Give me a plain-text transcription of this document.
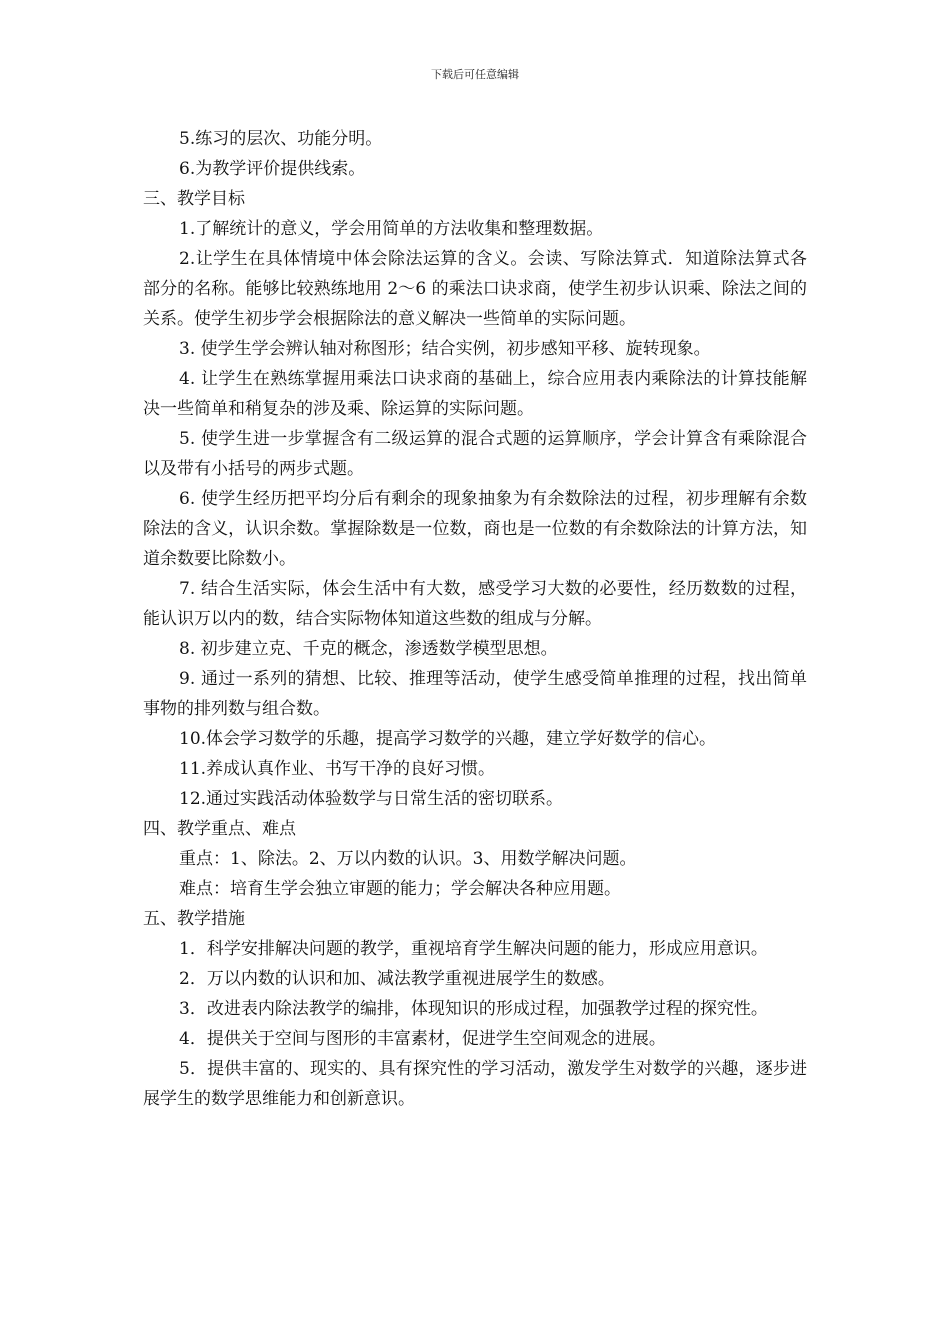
下载后可任意编辑

5.练习的层次、功能分明。

6.为教学评价提供线索。

三、教学目标

1.了解统计的意义，学会用简单的方法收集和整理数据。

2.让学生在具体情境中体会除法运算的含义。会读、写除法算式．知道除法算式各部分的名称。能够比较熟练地用 2～6 的乘法口诀求商，使学生初步认识乘、除法之间的关系。使学生初步学会根据除法的意义解决一些简单的实际问题。

3. 使学生学会辨认轴对称图形；结合实例，初步感知平移、旋转现象。

4. 让学生在熟练掌握用乘法口诀求商的基础上，综合应用表内乘除法的计算技能解决一些简单和稍复杂的涉及乘、除运算的实际问题。

5. 使学生进一步掌握含有二级运算的混合式题的运算顺序，学会计算含有乘除混合以及带有小括号的两步式题。

6. 使学生经历把平均分后有剩余的现象抽象为有余数除法的过程，初步理解有余数除法的含义，认识余数。掌握除数是一位数，商也是一位数的有余数除法的计算方法，知道余数要比除数小。

7. 结合生活实际，体会生活中有大数，感受学习大数的必要性，经历数数的过程，能认识万以内的数，结合实际物体知道这些数的组成与分解。

8. 初步建立克、千克的概念，渗透数学模型思想。

9. 通过一系列的猜想、比较、推理等活动，使学生感受简单推理的过程，找出简单事物的排列数与组合数。

10.体会学习数学的乐趣，提高学习数学的兴趣，建立学好数学的信心。

11.养成认真作业、书写干净的良好习惯。

12.通过实践活动体验数学与日常生活的密切联系。

四、教学重点、难点

重点：1、除法。2、万以内数的认识。3、用数学解决问题。

难点：培育生学会独立审题的能力；学会解决各种应用题。

五、教学措施

1．科学安排解决问题的教学，重视培育学生解决问题的能力，形成应用意识。

2．万以内数的认识和加、减法教学重视进展学生的数感。

3．改进表内除法教学的编排，体现知识的形成过程，加强教学过程的探究性。

4．提供关于空间与图形的丰富素材，促进学生空间观念的进展。

5．提供丰富的、现实的、具有探究性的学习活动，激发学生对数学的兴趣，逐步进展学生的数学思维能力和创新意识。
